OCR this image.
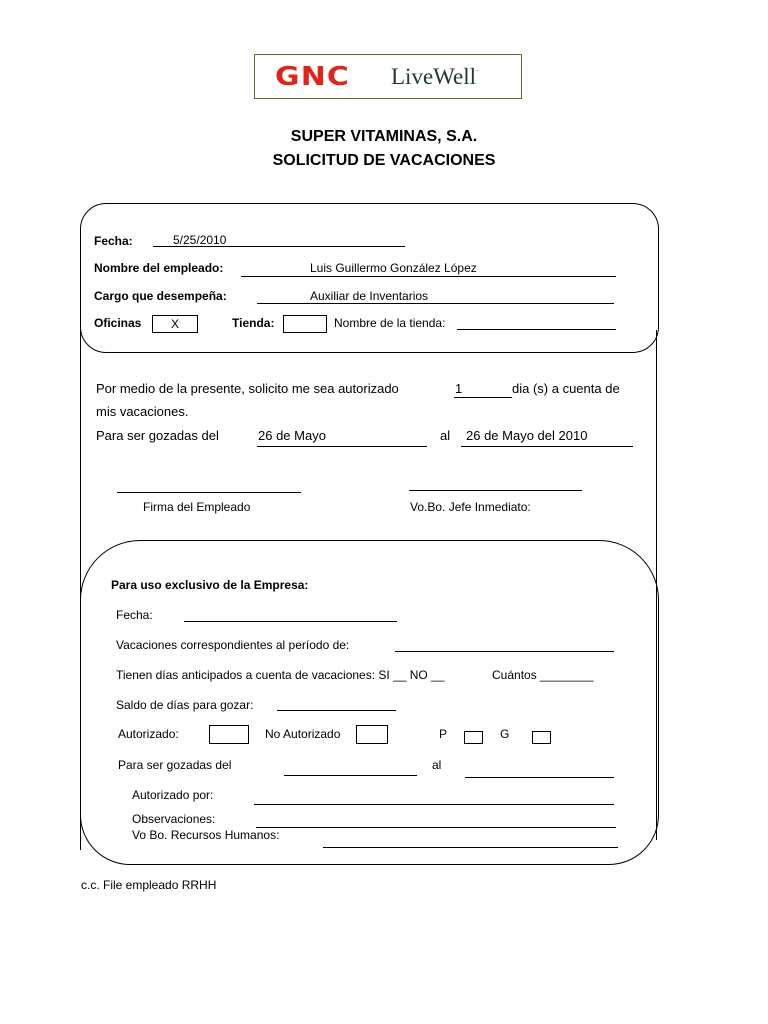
GNC LiveWell.
SUPER VITAMINAS, S.A.
SOLICITUD DE VACACIONES
Fecha:	5/25/2010
Nombre del empleado:	Luis Guillermo González López
Cargo que desempeña:	Auxiliar de Inventarios
Oficinas	X	Tienda:	Nombre de la tienda:
Por medio de la presente, solicito me sea autorizado	1	dia (s) a cuenta de
mis vacaciones.
Para ser gozadas del	26 de Mayo	al 26 de Mayo del 2010
Firma del Empleado	Vo.Bo. Jefe Inmediato:
Para uso exclusivo de la Empresa:
Fecha:
Vacaciones correspondientes al período de:
Tienen días anticipados a cuenta de vacaciones: SI __ NO __	Cuántos ________
Saldo de días para gozar:
Autorizado:	No Autorizado	P	G
Para ser gozadas del	al
Autorizado por:
Observaciones:
Vo Bo. Recursos Humanos:
c.c. File empleado RRHH
